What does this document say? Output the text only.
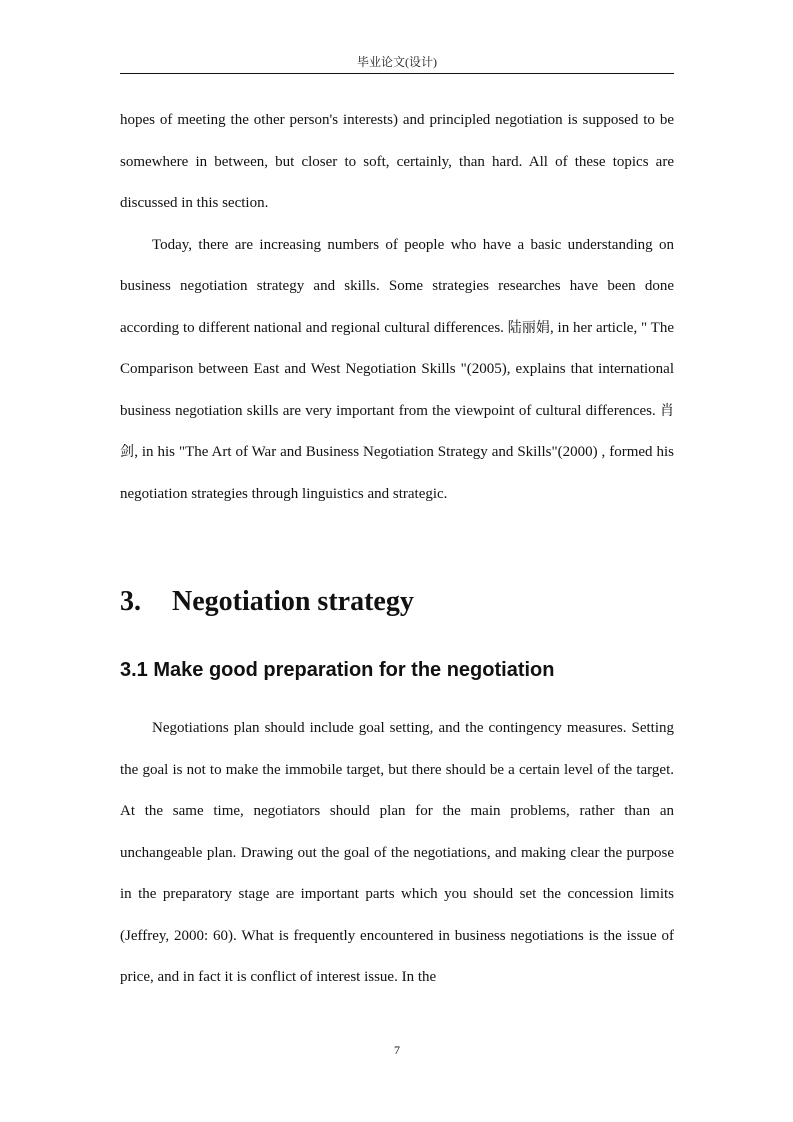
毕业论文(设计)

hopes of meeting the other person's interests) and principled negotiation is supposed to be somewhere in between, but closer to soft, certainly, than hard. All of these topics are discussed in this section.

Today, there are increasing numbers of people who have a basic understanding on business negotiation strategy and skills. Some strategies researches have been done according to different national and regional cultural differences. 陆丽娟, in her article, " The Comparison between East and West Negotiation Skills "(2005), explains that international business negotiation skills are very important from the viewpoint of cultural differences. 肖剑, in his "The Art of War and Business Negotiation Strategy and Skills"(2000) , formed his negotiation strategies through linguistics and strategic.

3. Negotiation strategy
3.1 Make good preparation for the negotiation

Negotiations plan should include goal setting, and the contingency measures. Setting the goal is not to make the immobile target, but there should be a certain level of the target. At the same time, negotiators should plan for the main problems, rather than an unchangeable plan. Drawing out the goal of the negotiations, and making clear the purpose in the preparatory stage are important parts which you should set the concession limits (Jeffrey, 2000: 60). What is frequently encountered in business negotiations is the issue of price, and in fact it is conflict of interest issue. In the

7
